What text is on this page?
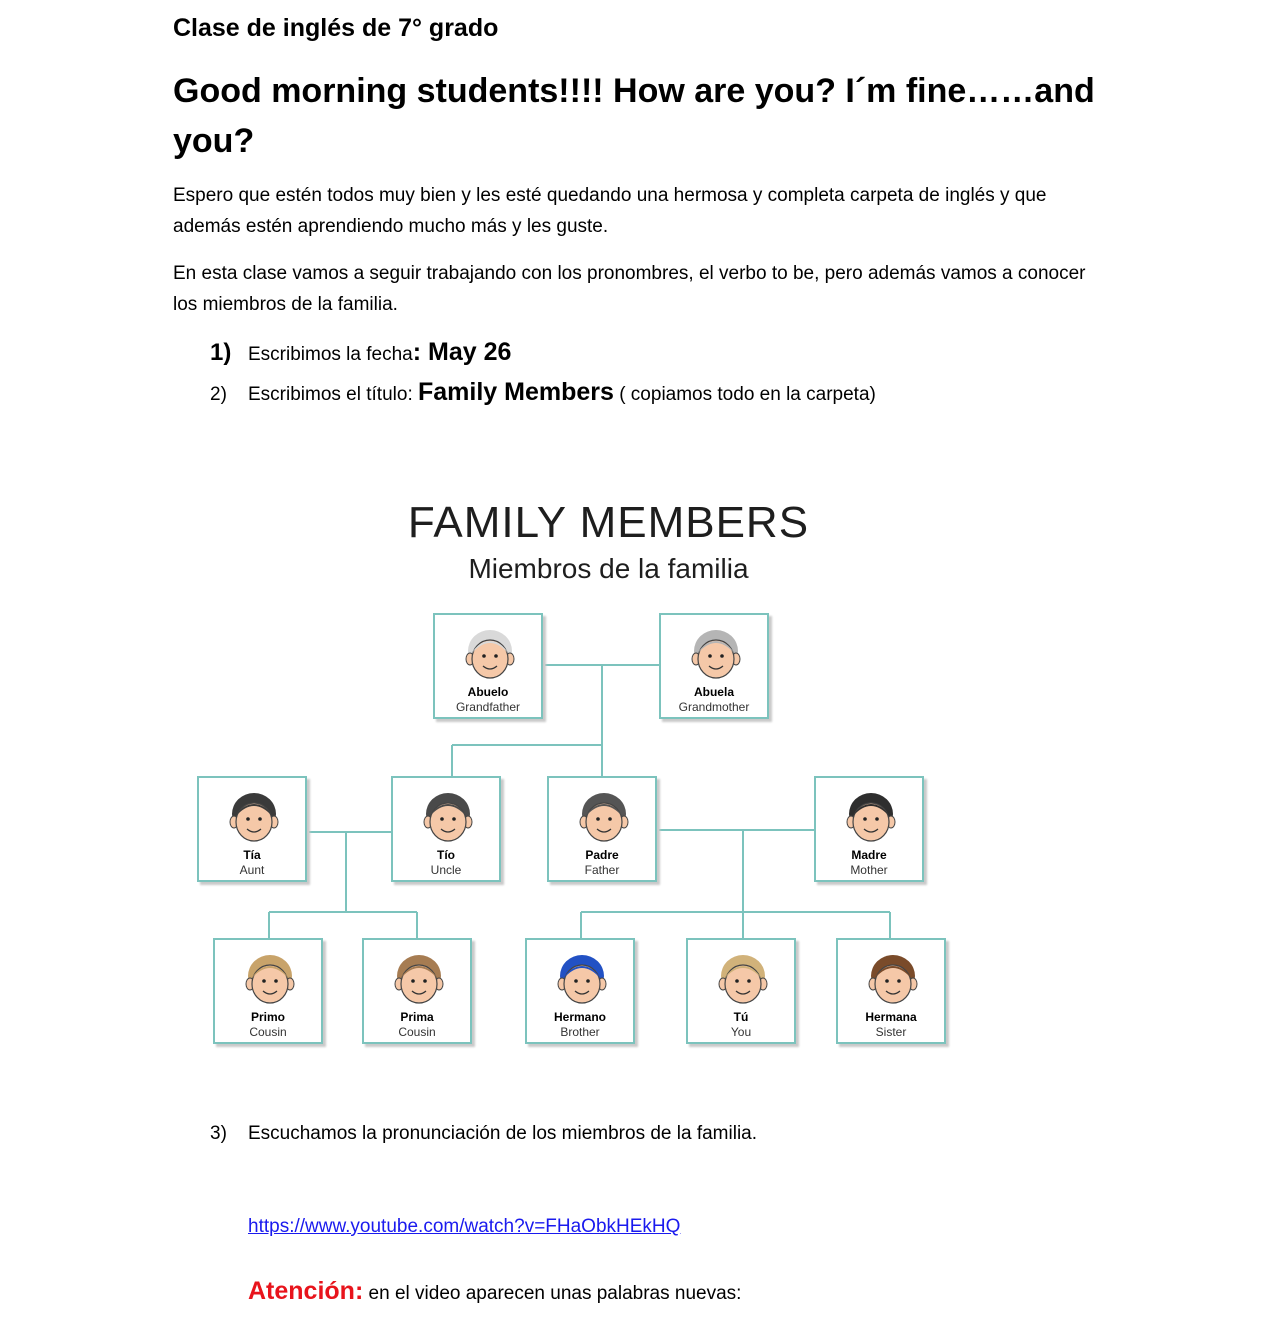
Clase de inglés de 7° grado
Good morning students!!!! How are you? I´m fine……and you?
Espero que estén todos muy bien y les esté quedando una hermosa y completa carpeta de inglés y que además estén aprendiendo mucho más y les guste.
En esta clase vamos a seguir trabajando con los pronombres, el verbo to be, pero además vamos a conocer los miembros de la familia.
1) Escribimos la fecha: May 26
2) Escribimos el título: Family Members ( copiamos todo en la carpeta)
FAMILY MEMBERS
Miembros de la familia
Abuelo
Grandfather
Abuela
Grandmother
Tía
Aunt
Tío
Uncle
Padre
Father
Madre
Mother
Primo
Cousin
Prima
Cousin
Hermano
Brother
Tú
You
Hermana
Sister
3) Escuchamos la pronunciación de los miembros de la familia.
https://www.youtube.com/watch?v=FHaObkHEkHQ
Atención: en el video aparecen unas palabras nuevas:
